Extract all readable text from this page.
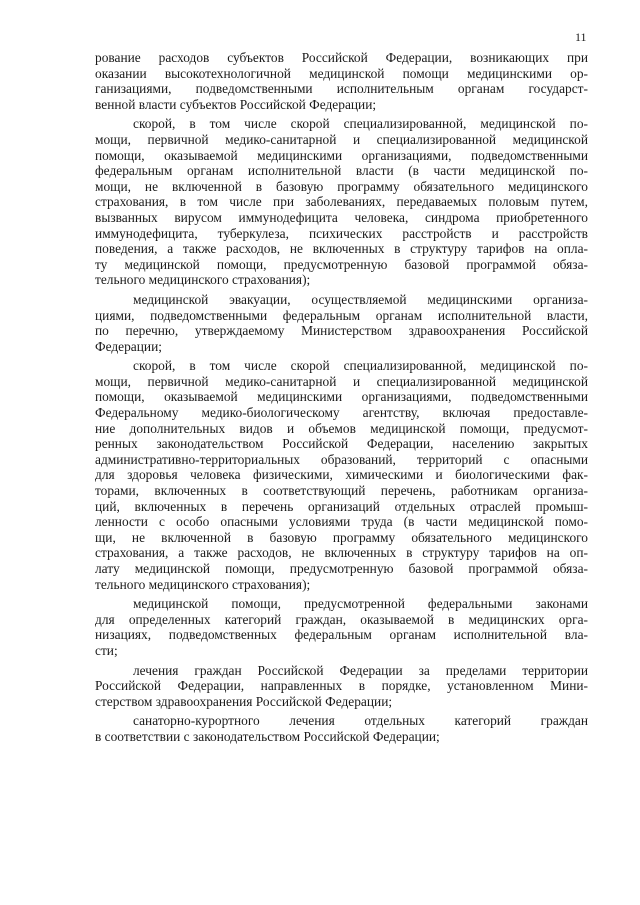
11

рование расходов субъектов Российской Федерации, возникающих при
оказании высокотехнологичной медицинской помощи медицинскими ор-
ганизациями, подведомственными исполнительным органам государст-
венной власти субъектов Российской Федерации;

скорой, в том числе скорой специализированной, медицинской по-
мощи, первичной медико-санитарной и специализированной медицинской
помощи, оказываемой медицинскими организациями, подведомственными
федеральным органам исполнительной власти (в части медицинской по-
мощи, не включенной в базовую программу обязательного медицинского
страхования, в том числе при заболеваниях, передаваемых половым путем,
вызванных вирусом иммунодефицита человека, синдрома приобретенного
иммунодефицита, туберкулеза, психических расстройств и расстройств
поведения, а также расходов, не включенных в структуру тарифов на опла-
ту медицинской помощи, предусмотренную базовой программой обяза-
тельного медицинского страхования);

медицинской эвакуации, осуществляемой медицинскими организа-
циями, подведомственными федеральным органам исполнительной власти,
по перечню, утверждаемому Министерством здравоохранения Российской
Федерации;

скорой, в том числе скорой специализированной, медицинской по-
мощи, первичной медико-санитарной и специализированной медицинской
помощи, оказываемой медицинскими организациями, подведомственными
Федеральному медико-биологическому агентству, включая предоставле-
ние дополнительных видов и объемов медицинской помощи, предусмот-
ренных законодательством Российской Федерации, населению закрытых
административно-территориальных образований, территорий с опасными
для здоровья человека физическими, химическими и биологическими фак-
торами, включенных в соответствующий перечень, работникам организа-
ций, включенных в перечень организаций отдельных отраслей промыш-
ленности с особо опасными условиями труда (в части медицинской помо-
щи, не включенной в базовую программу обязательного медицинского
страхования, а также расходов, не включенных в структуру тарифов на оп-
лату медицинской помощи, предусмотренную базовой программой обяза-
тельного медицинского страхования);

медицинской помощи, предусмотренной федеральными законами
для определенных категорий граждан, оказываемой в медицинских орга-
низациях, подведомственных федеральным органам исполнительной вла-
сти;

лечения граждан Российской Федерации за пределами территории
Российской Федерации, направленных в порядке, установленном Мини-
стерством здравоохранения Российской Федерации;

санаторно-курортного лечения отдельных категорий граждан
в соответствии с законодательством Российской Федерации;
